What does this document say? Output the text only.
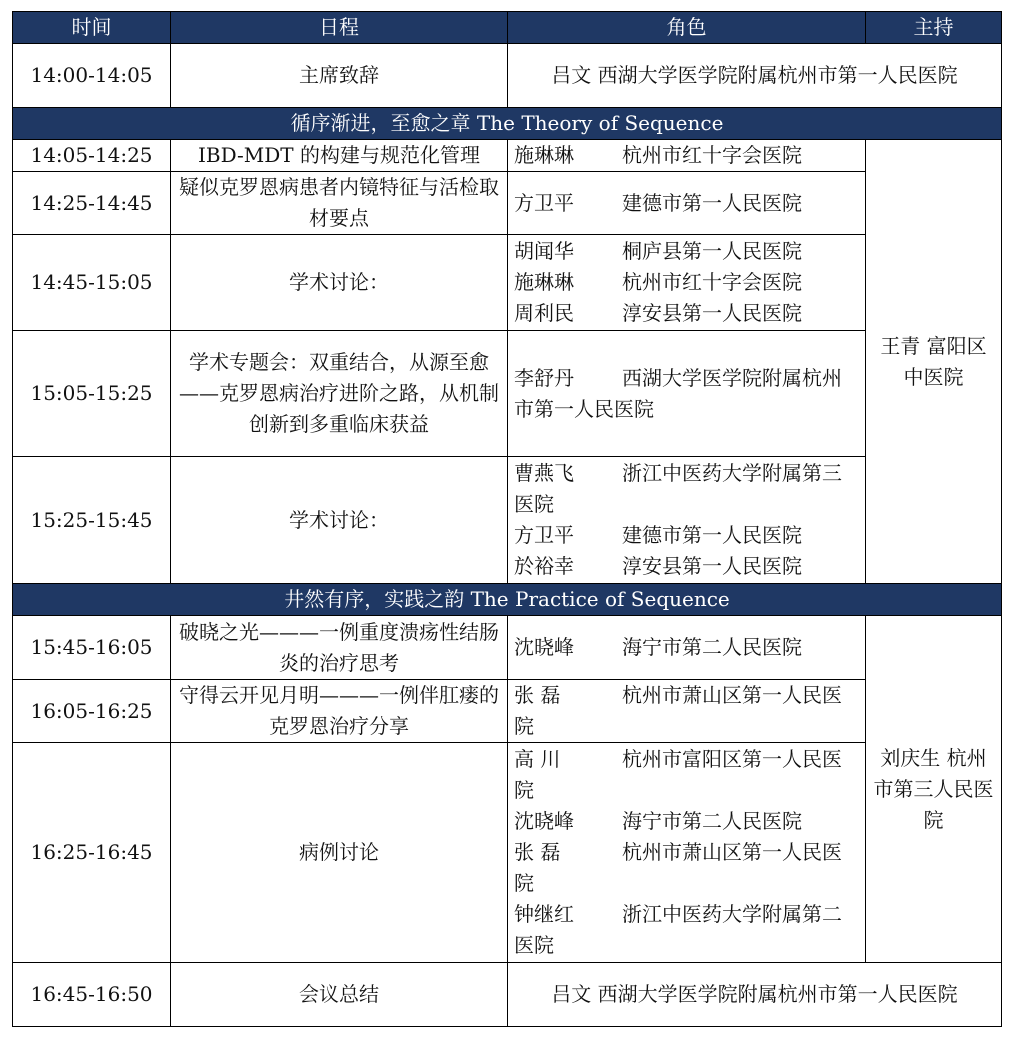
时间	日程	角色	主持
14:00-14:05	主席致辞	吕文 西湖大学医学院附属杭州市第一人民医院	
循序渐进，至愈之章 The Theory of Sequence			
14:05-14:25	IBD-MDT 的构建与规范化管理	施琳琳 杭州市红十字会医院	王青 富阳区中医院
14:25-14:45	疑似克罗恩病患者内镜特征与活检取材要点	方卫平 建德市第一人民医院	

14:45-15:05	学术讨论：	胡闻华 桐庐县第一人民医院
施琳琳 杭州市红十字会医院
周利民 淳安县第一人民医院	

15:05-15:25	学术专题会：双重结合，从源至愈——克罗恩病治疗进阶之路，从机制创新到多重临床获益	李舒丹 西湖大学医学院附属杭州市第一人民医院	

15:25-15:45	学术讨论：	曹燕飞 浙江中医药大学附属第三医院
方卫平 建德市第一人民医院
於裕幸 淳安县第一人民医院	

井然有序，实践之韵 The Practice of Sequence			
15:45-16:05	破晓之光———一例重度溃疡性结肠炎的治疗思考	沈晓峰 海宁市第二人民医院	刘庆生 杭州市第三人民医院
16:05-16:25	守得云开见月明———一例伴肛瘘的克罗恩治疗分享	张 磊 杭州市萧山区第一人民医院	

16:25-16:45	病例讨论	高 川 杭州市富阳区第一人民医院
沈晓峰 海宁市第二人民医院
张 磊 杭州市萧山区第一人民医院
钟继红 浙江中医药大学附属第二医院	

16:45-16:50	会议总结	吕文 西湖大学医学院附属杭州市第一人民医院	
